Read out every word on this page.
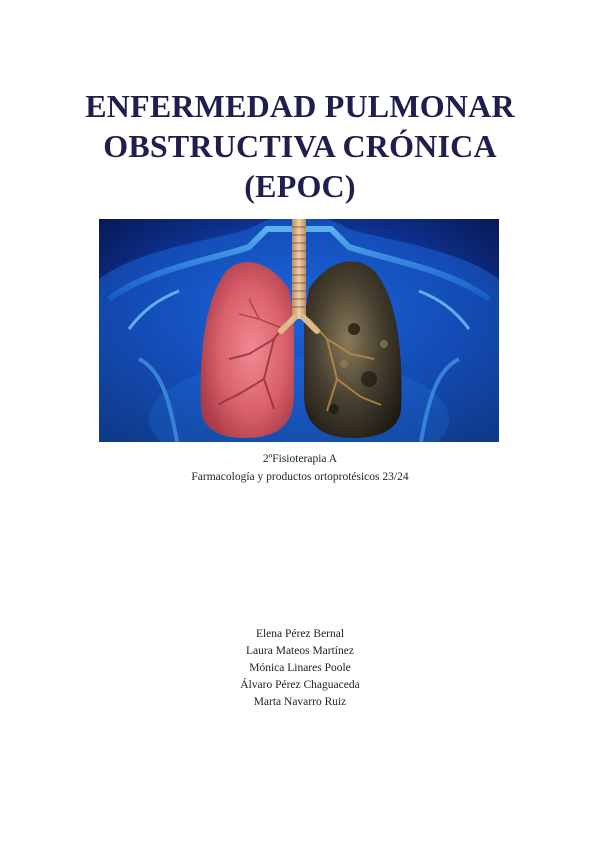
ENFERMEDAD PULMONAR
OBSTRUCTIVA CRÓNICA
(EPOC)
2ºFisioterapia A
Farmacología y productos ortoprotésicos 23/24
Elena Pérez Bernal
Laura Mateos Martínez
Mónica Linares Poole
Álvaro Pérez Chaguaceda
Marta Navarro Ruiz
